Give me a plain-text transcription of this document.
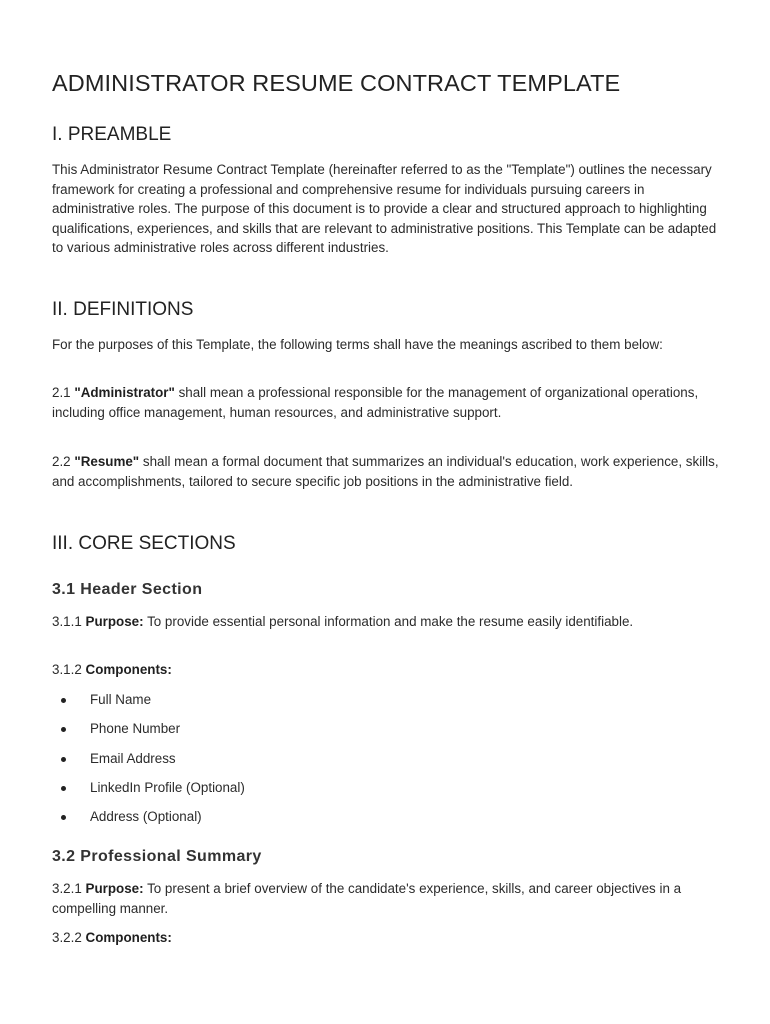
ADMINISTRATOR RESUME CONTRACT TEMPLATE
I. PREAMBLE

This Administrator Resume Contract Template (hereinafter referred to as the "Template") outlines the necessary framework for creating a professional and comprehensive resume for individuals pursuing careers in administrative roles. The purpose of this document is to provide a clear and structured approach to highlighting qualifications, experiences, and skills that are relevant to administrative positions. This Template can be adapted to various administrative roles across different industries.

II. DEFINITIONS

For the purposes of this Template, the following terms shall have the meanings ascribed to them below:

2.1 "Administrator" shall mean a professional responsible for the management of organizational operations, including office management, human resources, and administrative support.

2.2 "Resume" shall mean a formal document that summarizes an individual's education, work experience, skills, and accomplishments, tailored to secure specific job positions in the administrative field.

III. CORE SECTIONS
3.1 Header Section

3.1.1 Purpose: To provide essential personal information and make the resume easily identifiable.

3.1.2 Components:

Full Name
Phone Number
Email Address
LinkedIn Profile (Optional)
Address (Optional)
3.2 Professional Summary

3.2.1 Purpose: To present a brief overview of the candidate's experience, skills, and career objectives in a compelling manner.

3.2.2 Components:
